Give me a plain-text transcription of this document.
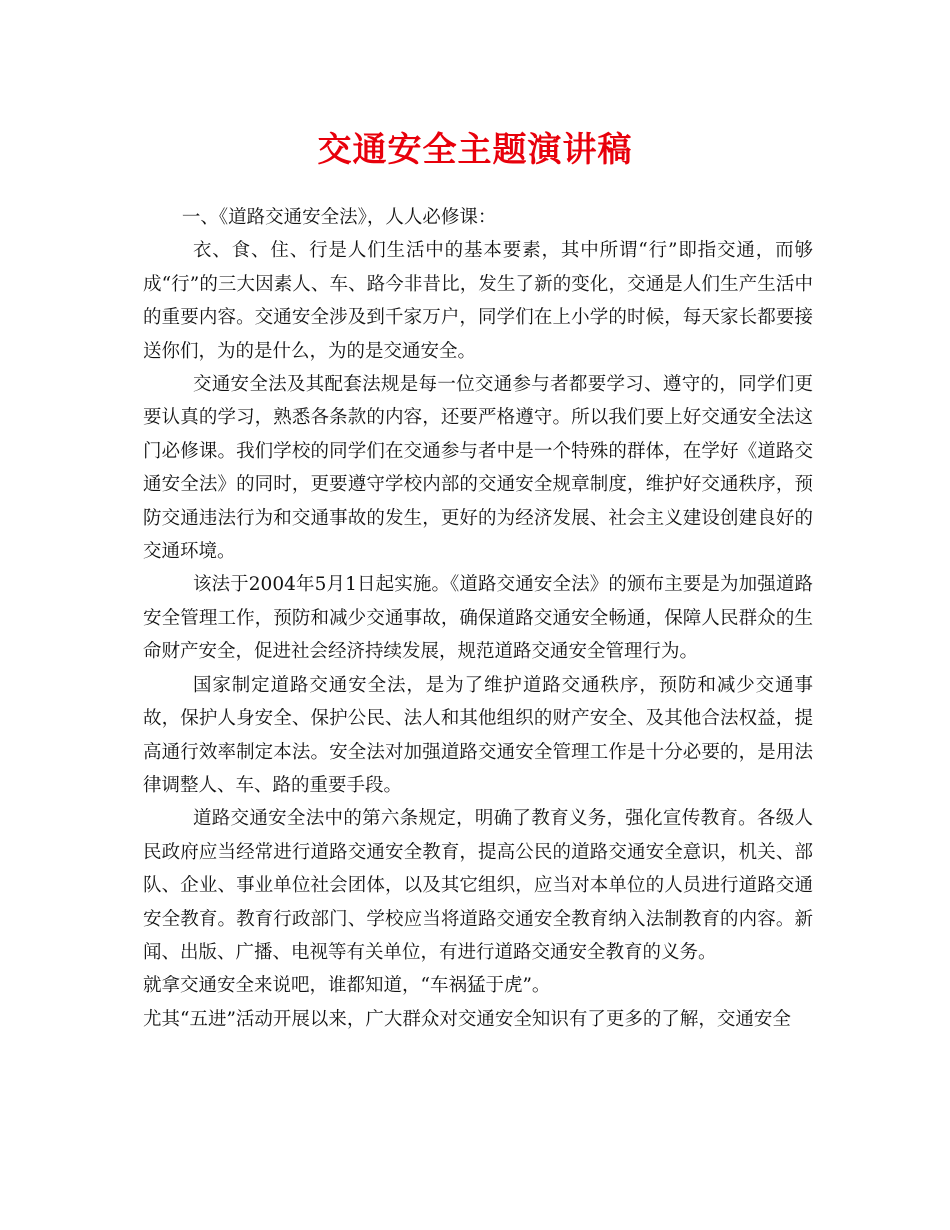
交通安全主题演讲稿

一、《道路交通安全法》，人人必修课：

衣、食、住、行是人们生活中的基本要素，其中所谓“行”即指交通，而够成“行”的三大因素人、车、路今非昔比，发生了新的变化，交通是人们生产生活中的重要内容。交通安全涉及到千家万户，同学们在上小学的时候，每天家长都要接送你们，为的是什么，为的是交通安全。

交通安全法及其配套法规是每一位交通参与者都要学习、遵守的，同学们更要认真的学习，熟悉各条款的内容，还要严格遵守。所以我们要上好交通安全法这门必修课。我们学校的同学们在交通参与者中是一个特殊的群体，在学好《道路交通安全法》的同时，更要遵守学校内部的交通安全规章制度，维护好交通秩序，预防交通违法行为和交通事故的发生，更好的为经济发展、社会主义建设创建良好的交通环境。

该法于2004年5月1日起实施。《道路交通安全法》的颁布主要是为加强道路安全管理工作，预防和减少交通事故，确保道路交通安全畅通，保障人民群众的生命财产安全，促进社会经济持续发展，规范道路交通安全管理行为。

国家制定道路交通安全法，是为了维护道路交通秩序，预防和减少交通事故，保护人身安全、保护公民、法人和其他组织的财产安全、及其他合法权益，提高通行效率制定本法。安全法对加强道路交通安全管理工作是十分必要的，是用法律调整人、车、路的重要手段。

道路交通安全法中的第六条规定，明确了教育义务，强化宣传教育。各级人民政府应当经常进行道路交通安全教育，提高公民的道路交通安全意识，机关、部队、企业、事业单位社会团体，以及其它组织，应当对本单位的人员进行道路交通安全教育。教育行政部门、学校应当将道路交通安全教育纳入法制教育的内容。新闻、出版、广播、电视等有关单位，有进行道路交通安全教育的义务。

就拿交通安全来说吧，谁都知道，“车祸猛于虎”。

尤其“五进”活动开展以来，广大群众对交通安全知识有了更多的了解，交通安全
